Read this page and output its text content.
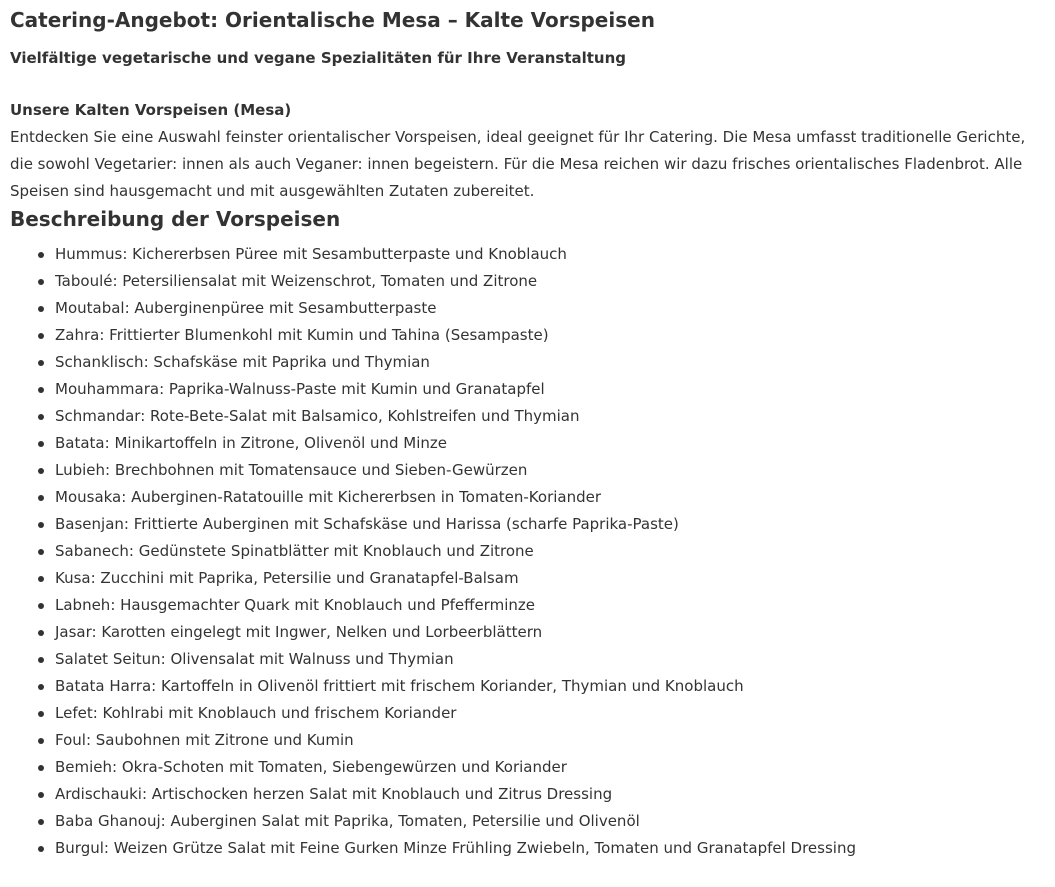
Catering-Angebot: Orientalische Mesa – Kalte Vorspeisen
Vielfältige vegetarische und vegane Spezialitäten für Ihre Veranstaltung
Unsere Kalten Vorspeisen (Mesa)

Entdecken Sie eine Auswahl feinster orientalischer Vorspeisen, ideal geeignet für Ihr Catering. Die Mesa umfasst traditionelle Gerichte, die sowohl Vegetarier: innen als auch Veganer: innen begeistern. Für die Mesa reichen wir dazu frisches orientalisches Fladenbrot. Alle Speisen sind hausgemacht und mit ausgewählten Zutaten zubereitet.

Beschreibung der Vorspeisen
Hummus: Kichererbsen Püree mit Sesambutterpaste und Knoblauch
Taboulé: Petersiliensalat mit Weizenschrot, Tomaten und Zitrone
Moutabal: Auberginenpüree mit Sesambutterpaste
Zahra: Frittierter Blumenkohl mit Kumin und Tahina (Sesampaste)
Schanklisch: Schafskäse mit Paprika und Thymian
Mouhammara: Paprika-Walnuss-Paste mit Kumin und Granatapfel
Schmandar: Rote-Bete-Salat mit Balsamico, Kohlstreifen und Thymian
Batata: Minikartoffeln in Zitrone, Olivenöl und Minze
Lubieh: Brechbohnen mit Tomatensauce und Sieben-Gewürzen
Mousaka: Auberginen-Ratatouille mit Kichererbsen in Tomaten-Koriander
Basenjan: Frittierte Auberginen mit Schafskäse und Harissa (scharfe Paprika-Paste)
Sabanech: Gedünstete Spinatblätter mit Knoblauch und Zitrone
Kusa: Zucchini mit Paprika, Petersilie und Granatapfel-Balsam
Labneh: Hausgemachter Quark mit Knoblauch und Pfefferminze
Jasar: Karotten eingelegt mit Ingwer, Nelken und Lorbeerblättern
Salatet Seitun: Olivensalat mit Walnuss und Thymian
Batata Harra: Kartoffeln in Olivenöl frittiert mit frischem Koriander, Thymian und Knoblauch
Lefet: Kohlrabi mit Knoblauch und frischem Koriander
Foul: Saubohnen mit Zitrone und Kumin
Bemieh: Okra-Schoten mit Tomaten, Siebengewürzen und Koriander
Ardischauki: Artischocken herzen Salat mit Knoblauch und Zitrus Dressing
Baba Ghanouj: Auberginen Salat mit Paprika, Tomaten, Petersilie und Olivenöl
Burgul: Weizen Grütze Salat mit Feine Gurken Minze Frühling Zwiebeln, Tomaten und Granatapfel Dressing
